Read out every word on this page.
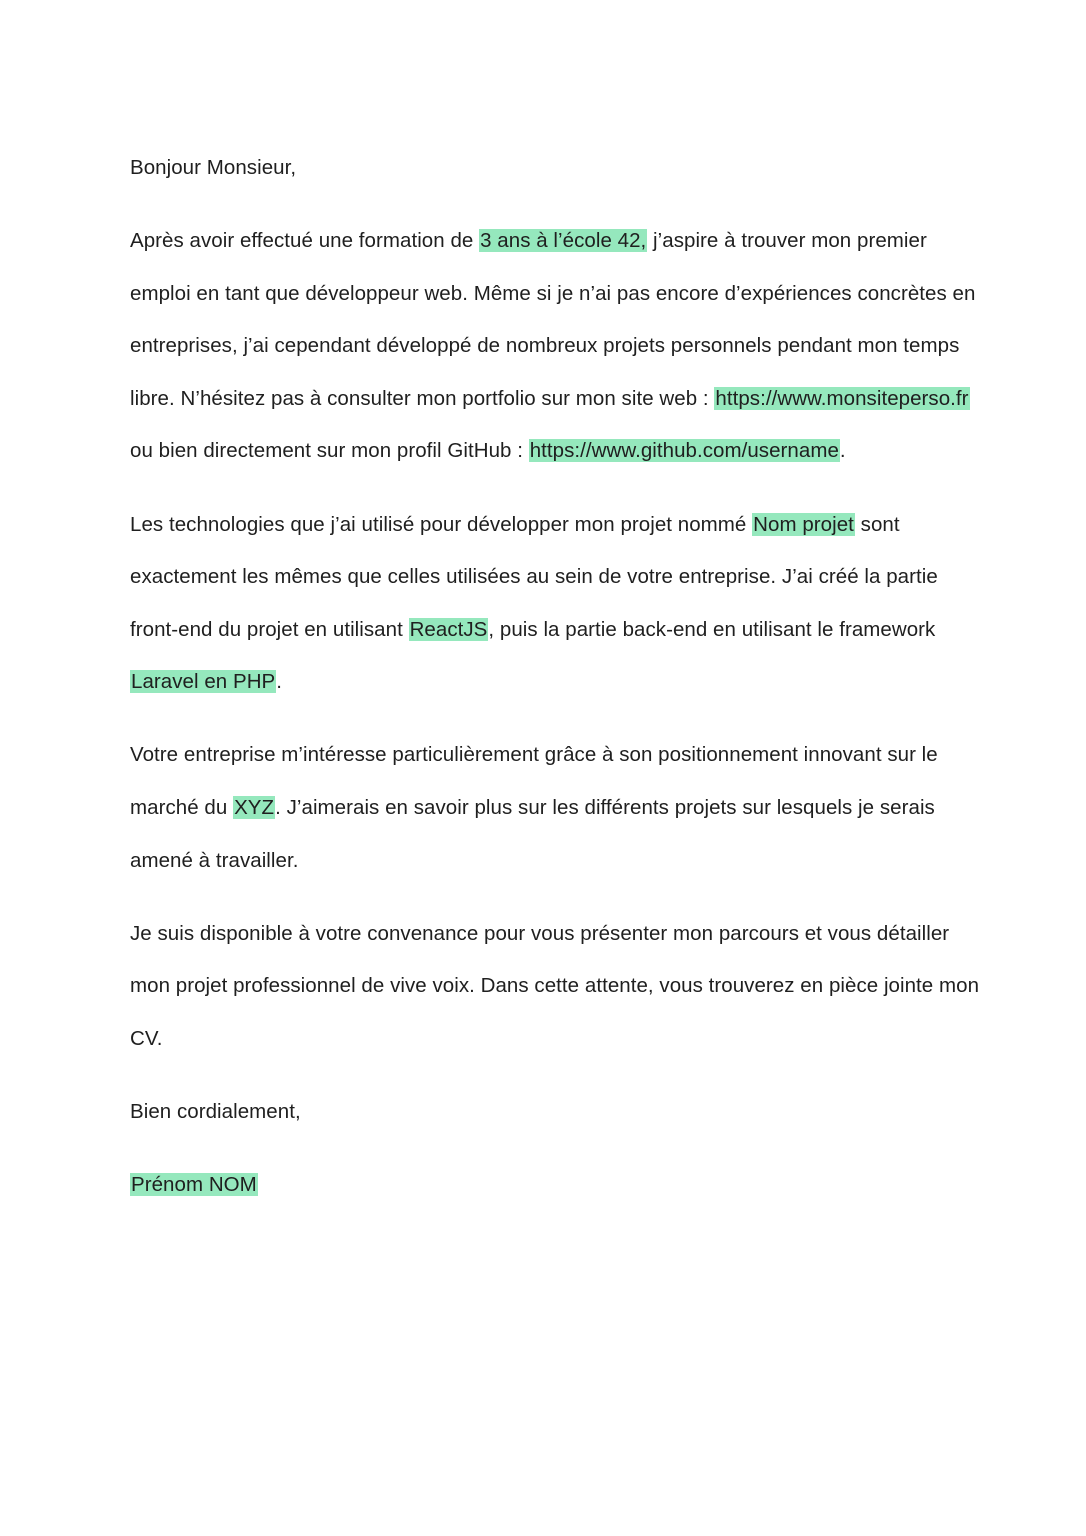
Bonjour Monsieur,

Après avoir effectué une formation de 3 ans à l’école 42, j’aspire à trouver mon premier emploi en tant que développeur web. Même si je n’ai pas encore d’expériences concrètes en entreprises, j’ai cependant développé de nombreux projets personnels pendant mon temps libre. N’hésitez pas à consulter mon portfolio sur mon site web : https://www.monsiteperso.fr ou bien directement sur mon profil GitHub : https://www.github.com/username.

Les technologies que j’ai utilisé pour développer mon projet nommé Nom projet sont exactement les mêmes que celles utilisées au sein de votre entreprise. J’ai créé la partie front-end du projet en utilisant ReactJS, puis la partie back-end en utilisant le framework Laravel en PHP.

Votre entreprise m’intéresse particulièrement grâce à son positionnement innovant sur le marché du XYZ. J’aimerais en savoir plus sur les différents projets sur lesquels je serais amené à travailler.

Je suis disponible à votre convenance pour vous présenter mon parcours et vous détailler mon projet professionnel de vive voix. Dans cette attente, vous trouverez en pièce jointe mon CV.

Bien cordialement,

Prénom NOM
